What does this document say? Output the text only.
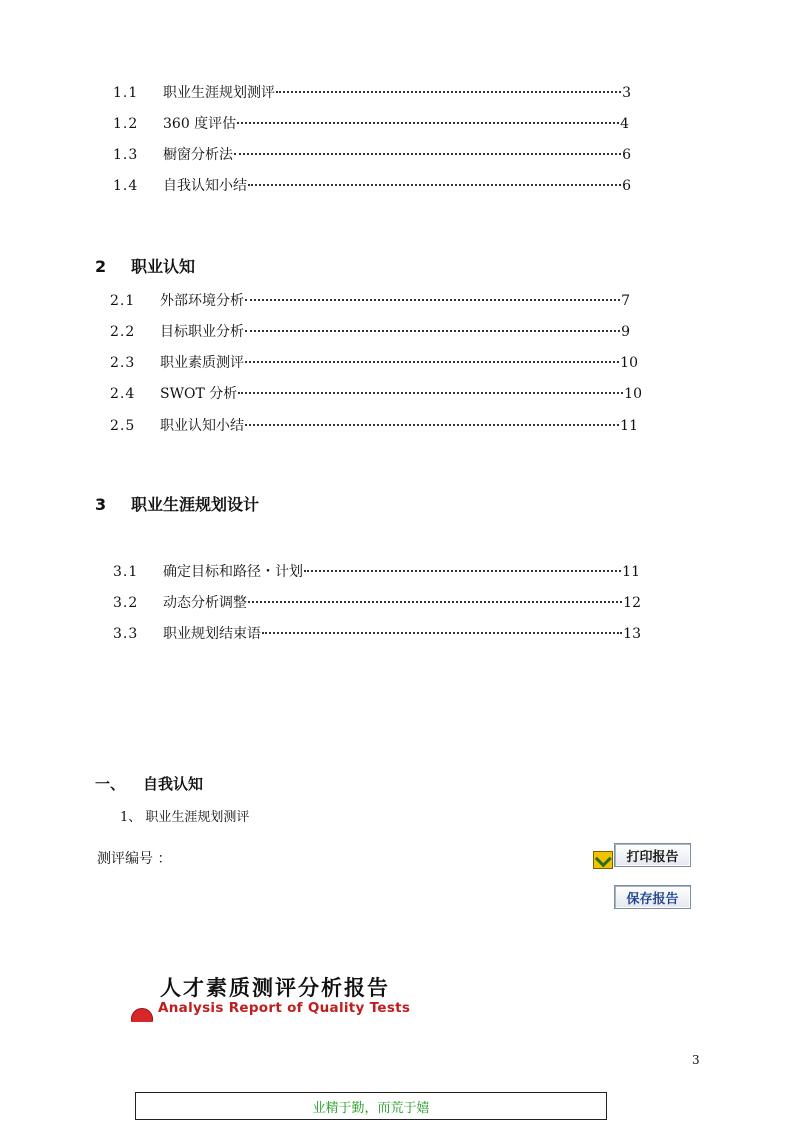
1.1	职业生涯规划测评	3
1.2	360 度评估	4
1.3	橱窗分析法	6
1.4	自我认知小结	6
2	职业认知
2.1	外部环境分析	7
2.2	目标职业分析	9
2.3	职业素质测评	10
2.4	SWOT 分析	10
2.5	职业认知小结	11
3	职业生涯规划设计
3.1	确定目标和路径・计划	11
3.2	动态分析调整	12
3.3	职业规划结束语	13
一、	自我认知
1、 职业生涯规划测评
测评编号 ：	打印报告
保存报告
人才素质测评分析报告
Analysis Report of Quality Tests
3
业精于勤，而荒于嬉
